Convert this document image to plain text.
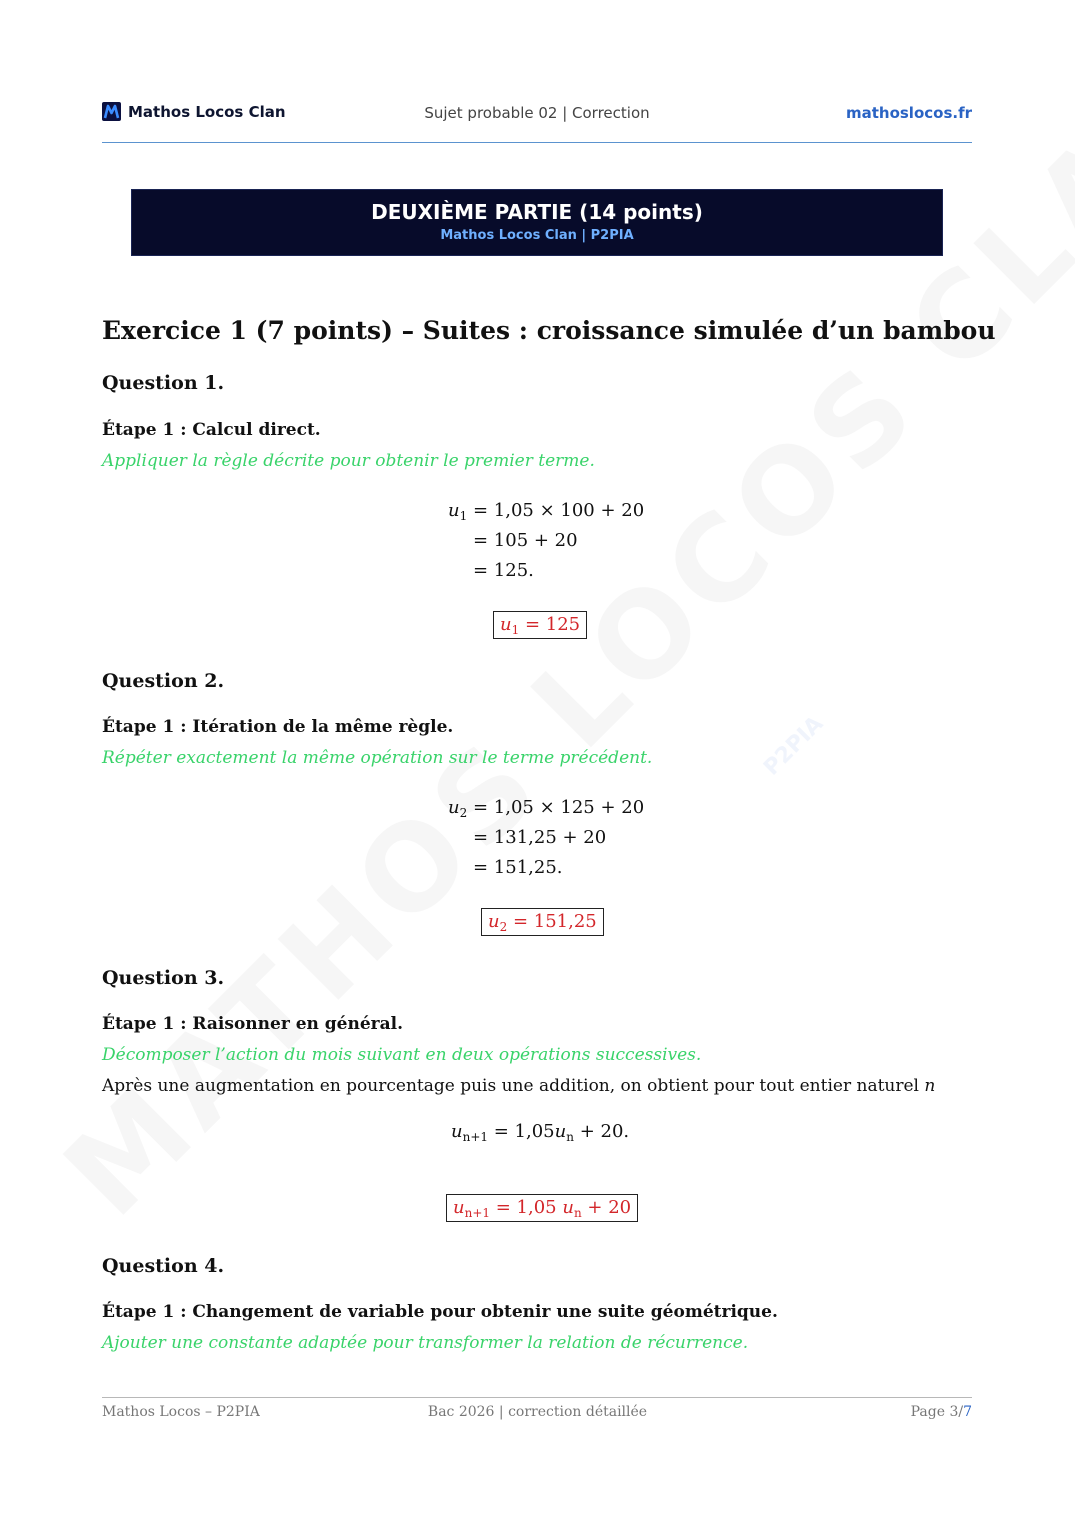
P2PIA
Mathos Locos Clan	Sujet probable 02 | Correction	mathoslocos.fr
DEUXIÈME PARTIE (14 points)
Mathos Locos Clan | P2PIA
Exercice 1 (7 points) – Suites : croissance simulée d’un bambou
Question 1.
Étape 1 : Calcul direct.
Appliquer la règle décrite pour obtenir le premier terme.
$u_1 = 1,05 \times 100 + 20$
= 105 + 20
= 125.
$u_1 = 125$
Question 2.
Étape 1 : Itération de la même règle.
Répéter exactement la même opération sur le terme précédent.
$u_2 = 1,05 \times 125 + 20$
= 131,25 + 20
= 151,25.
$u_2 = 151,25$
Question 3.
Étape 1 : Raisonner en général.
Décomposer l’action du mois suivant en deux opérations successives.
Après une augmentation en pourcentage puis une addition, on obtient pour tout entier naturel n
$u_{n+1} = 1,05u_n + 20$.
$u_{n+1} = 1,05$ $u_n + 20$
Question 4.
Étape 1 : Changement de variable pour obtenir une suite géométrique.
Ajouter une constante adaptée pour transformer la relation de récurrence.
Mathos Locos – P2PIA	Bac 2026 | correction détaillée	Page 3/7
